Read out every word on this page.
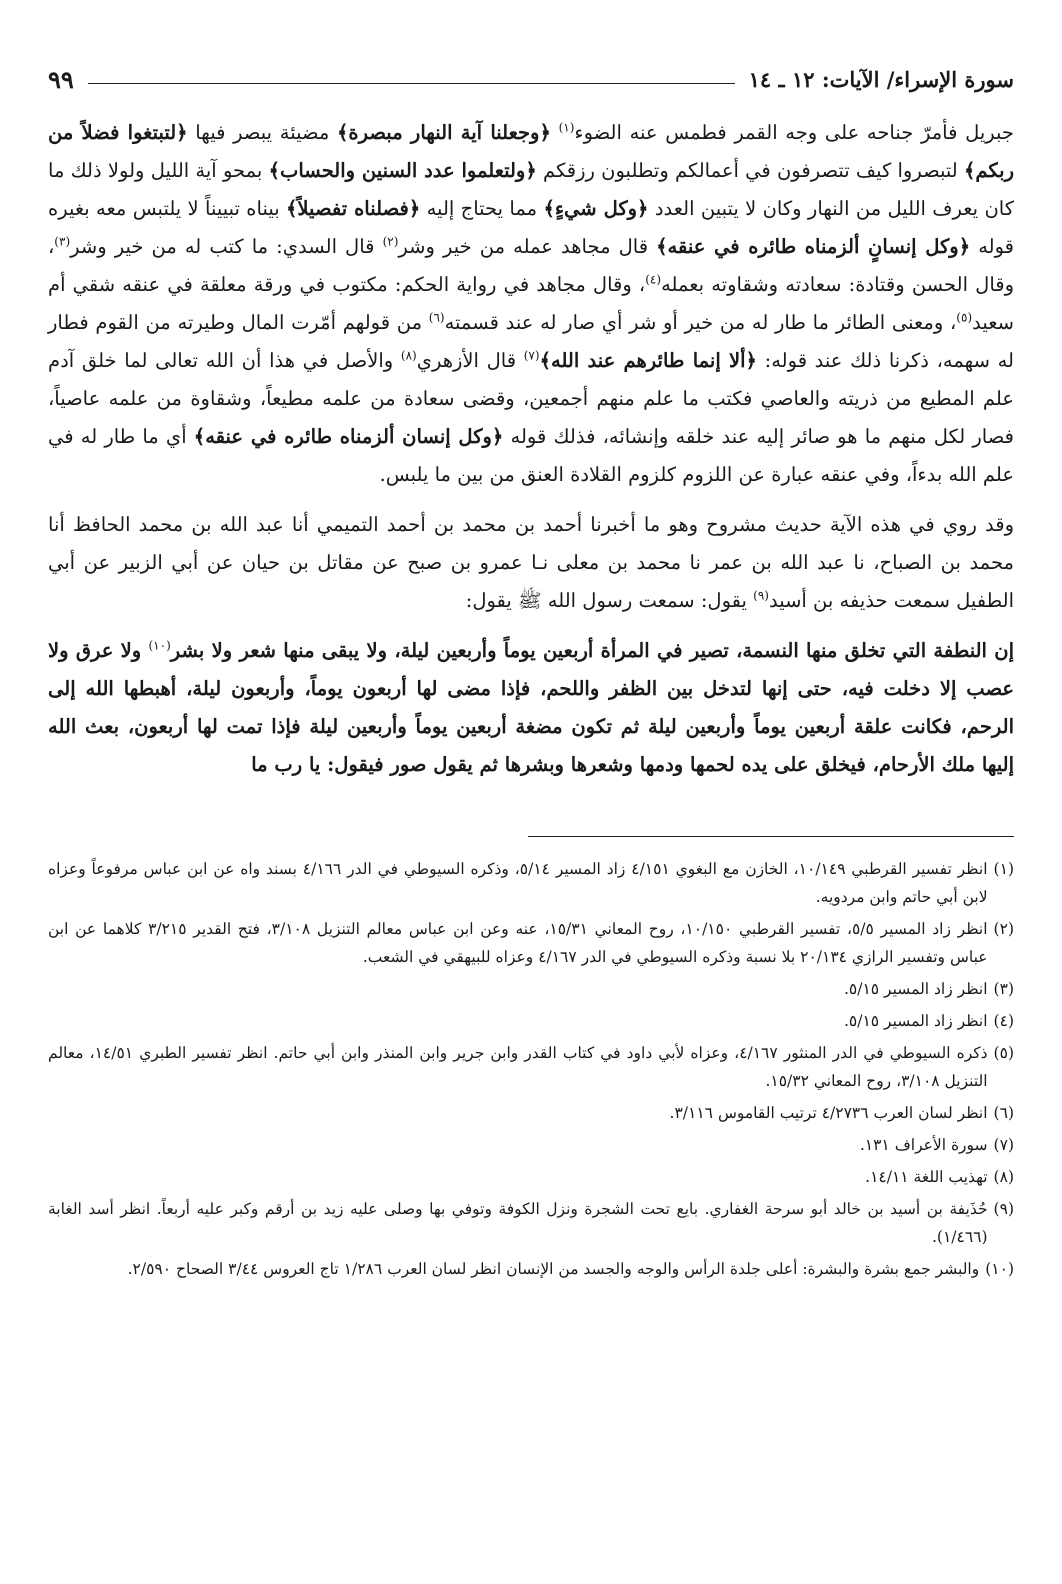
سورة الإسراء/ الآيات: ١٢ ـ ١٤
٩٩

جبريل فأمرّ جناحه على وجه القمر فطمس عنه الضوء$^{(١)}$ ﴿وجعلنا آية النهار مبصرة﴾ مضيئة يبصر فيها ﴿لتبتغوا فضلاً من ربكم﴾ لتبصروا كيف تتصرفون في أعمالكم وتطلبون رزقكم ﴿ولتعلموا عدد السنين والحساب﴾ بمحو آية الليل ولولا ذلك ما كان يعرف الليل من النهار وكان لا يتبين العدد ﴿وكل شيءٍ﴾ مما يحتاج إليه ﴿فصلناه تفصيلاً﴾ بيناه تبييناً لا يلتبس معه بغيره قوله ﴿وكل إنسانٍ ألزمناه طائره في عنقه﴾ قال مجاهد عمله من خير وشر$^{(٢)}$ قال السدي: ما كتب له من خير وشر$^{(٣)}$، وقال الحسن وقتادة: سعادته وشقاوته بعمله$^{(٤)}$، وقال مجاهد في رواية الحكم: مكتوب في ورقة معلقة في عنقه شقي أم سعيد$^{(٥)}$، ومعنى الطائر ما طار له من خير أو شر أي صار له عند قسمته$^{(٦)}$ من قولهم أمّرت المال وطيرته من القوم فطار له سهمه، ذكرنا ذلك عند قوله: ﴿ألا إنما طائرهم عند الله﴾$^{(٧)}$ قال الأزهري$^{(٨)}$ والأصل في هذا أن الله تعالى لما خلق آدم علم المطيع من ذريته والعاصي فكتب ما علم منهم أجمعين، وقضى سعادة من علمه مطيعاً، وشقاوة من علمه عاصياً، فصار لكل منهم ما هو صائر إليه عند خلقه وإنشائه، فذلك قوله ﴿وكل إنسان ألزمناه طائره في عنقه﴾ أي ما طار له في علم الله بدءاً، وفي عنقه عبارة عن اللزوم كلزوم القلادة العنق من بين ما يلبس.

وقد روي في هذه الآية حديث مشروح وهو ما أخبرنا أحمد بن محمد بن أحمد التميمي أنا عبد الله بن محمد الحافظ أنا محمد بن الصباح، نا عبد الله بن عمر نا محمد بن معلى نـا عمرو بن صبح عن مقاتل بن حيان عن أبي الزبير عن أبي الطفيل سمعت حذيفه بن أسيد$^{(٩)}$ يقول: سمعت رسول الله ﷺ يقول:

إن النطفة التي تخلق منها النسمة، تصير في المرأة أربعين يوماً وأربعين ليلة، ولا يبقى منها شعر ولا بشر$^{(١٠)}$ ولا عرق ولا عصب إلا دخلت فيه، حتى إنها لتدخل بين الظفر واللحم، فإذا مضى لها أربعون يوماً، وأربعون ليلة، أهبطها الله إلى الرحم، فكانت علقة أربعين يوماً وأربعين ليلة ثم تكون مضغة أربعين يوماً وأربعين ليلة فإذا تمت لها أربعون، بعث الله إليها ملك الأرحام، فيخلق على يده لحمها ودمها وشعرها وبشرها ثم يقول صور فيقول: يا رب ما

(١)
انظر تفسير القرطبي ١٠/١٤٩، الخازن مع البغوي ٤/١٥١ زاد المسير ٥/١٤، وذكره السيوطي في الدر ٤/١٦٦ بسند واه عن ابن عباس مرفوعاً وعزاه لابن أبي حاتم وابن مردويه.
(٢)
انظر زاد المسير ٥/٥، تفسير القرطبي ١٠/١٥٠، روح المعاني ١٥/٣١، عنه وعن ابن عباس معالم التنزيل ٣/١٠٨، فتح القدير ٣/٢١٥ كلاهما عن ابن عباس وتفسير الرازي ٢٠/١٣٤ بلا نسبة وذكره السيوطي في الدر ٤/١٦٧ وعزاه للبيهقي في الشعب.
(٣)
انظر زاد المسير ٥/١٥.
(٤)
انظر زاد المسير ٥/١٥.
(٥)
ذكره السيوطي في الدر المنثور ٤/١٦٧، وعزاه لأبي داود في كتاب القدر وابن جرير وابن المنذر وابن أبي حاتم. انظر تفسير الطبري ١٤/٥١، معالم التنزيل ٣/١٠٨، روح المعاني ١٥/٣٢.
(٦)
انظر لسان العرب ٤/٢٧٣٦ ترتيب القاموس ٣/١١٦.
(٧)
سورة الأعراف ١٣١.
(٨)
تهذيب اللغة ١٤/١١.
(٩)
حُذَيفة بن أسيد بن خالد أبو سرحة الغفاري. بايع تحت الشجرة ونزل الكوفة وتوفي بها وصلى عليه زيد بن أرقم وكبر عليه أربعاً. انظر أسد الغابة (١/٤٦٦).
(١٠)
والبشر جمع بشرة والبشرة: أعلى جلدة الرأس والوجه والجسد من الإنسان انظر لسان العرب ١/٢٨٦ تاج العروس ٣/٤٤ الصحاح ٢/٥٩٠.
